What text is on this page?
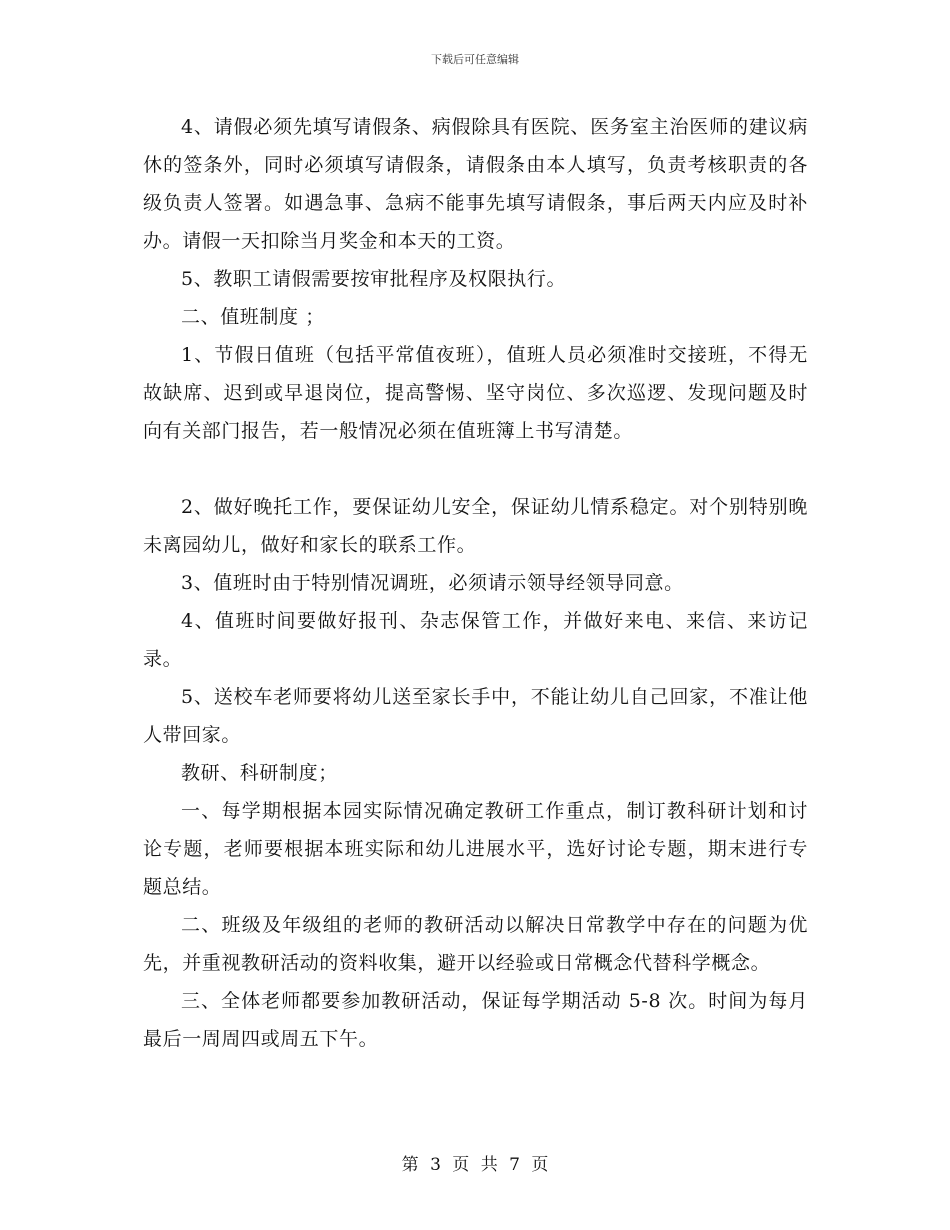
下载后可任意编辑

4、请假必须先填写请假条、病假除具有医院、医务室主治医师的建议病休的签条外，同时必须填写请假条，请假条由本人填写，负责考核职责的各级负责人签署。如遇急事、急病不能事先填写请假条，事后两天内应及时补办。请假一天扣除当月奖金和本天的工资。

5、教职工请假需要按审批程序及权限执行。

二、值班制度 ；

1、节假日值班（包括平常值夜班），值班人员必须准时交接班，不得无故缺席、迟到或早退岗位，提高警惕、坚守岗位、多次巡逻、发现问题及时向有关部门报告，若一般情况必须在值班簿上书写清楚。

2、做好晚托工作，要保证幼儿安全，保证幼儿情系稳定。对个别特别晚未离园幼儿，做好和家长的联系工作。

3、值班时由于特别情况调班，必须请示领导经领导同意。

4、值班时间要做好报刊、杂志保管工作，并做好来电、来信、来访记录。

5、送校车老师要将幼儿送至家长手中，不能让幼儿自己回家，不准让他人带回家。

教研、科研制度；

一、每学期根据本园实际情况确定教研工作重点，制订教科研计划和讨论专题，老师要根据本班实际和幼儿进展水平，选好讨论专题，期末进行专题总结。

二、班级及年级组的老师的教研活动以解决日常教学中存在的问题为优先，并重视教研活动的资料收集，避开以经验或日常概念代替科学概念。

三、全体老师都要参加教研活动，保证每学期活动 5-8 次。时间为每月最后一周周四或周五下午。

第 3 页 共 7 页
